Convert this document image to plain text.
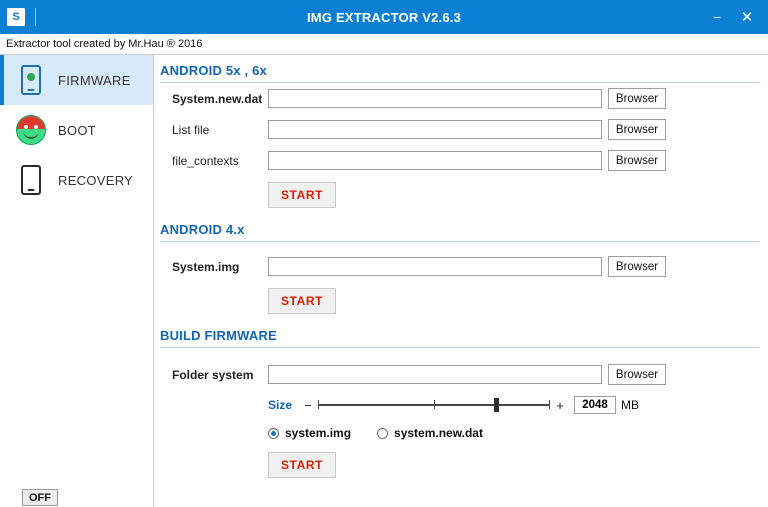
S	IMG EXTRACTOR V2.6.3	−	✕
Extractor tool created by Mr.Hau ® 2016
FIRMWARE
BOOT
RECOVERY
ANDROID 5x , 6x
System.new.dat	Browser
List file	Browser
file_contexts	Browser
START
ANDROID 4.x
System.img	Browser
START
BUILD FIRMWARE
Folder system	Browser
Size −	+	2048	MB
system.img	system.new.dat
START
OFF
